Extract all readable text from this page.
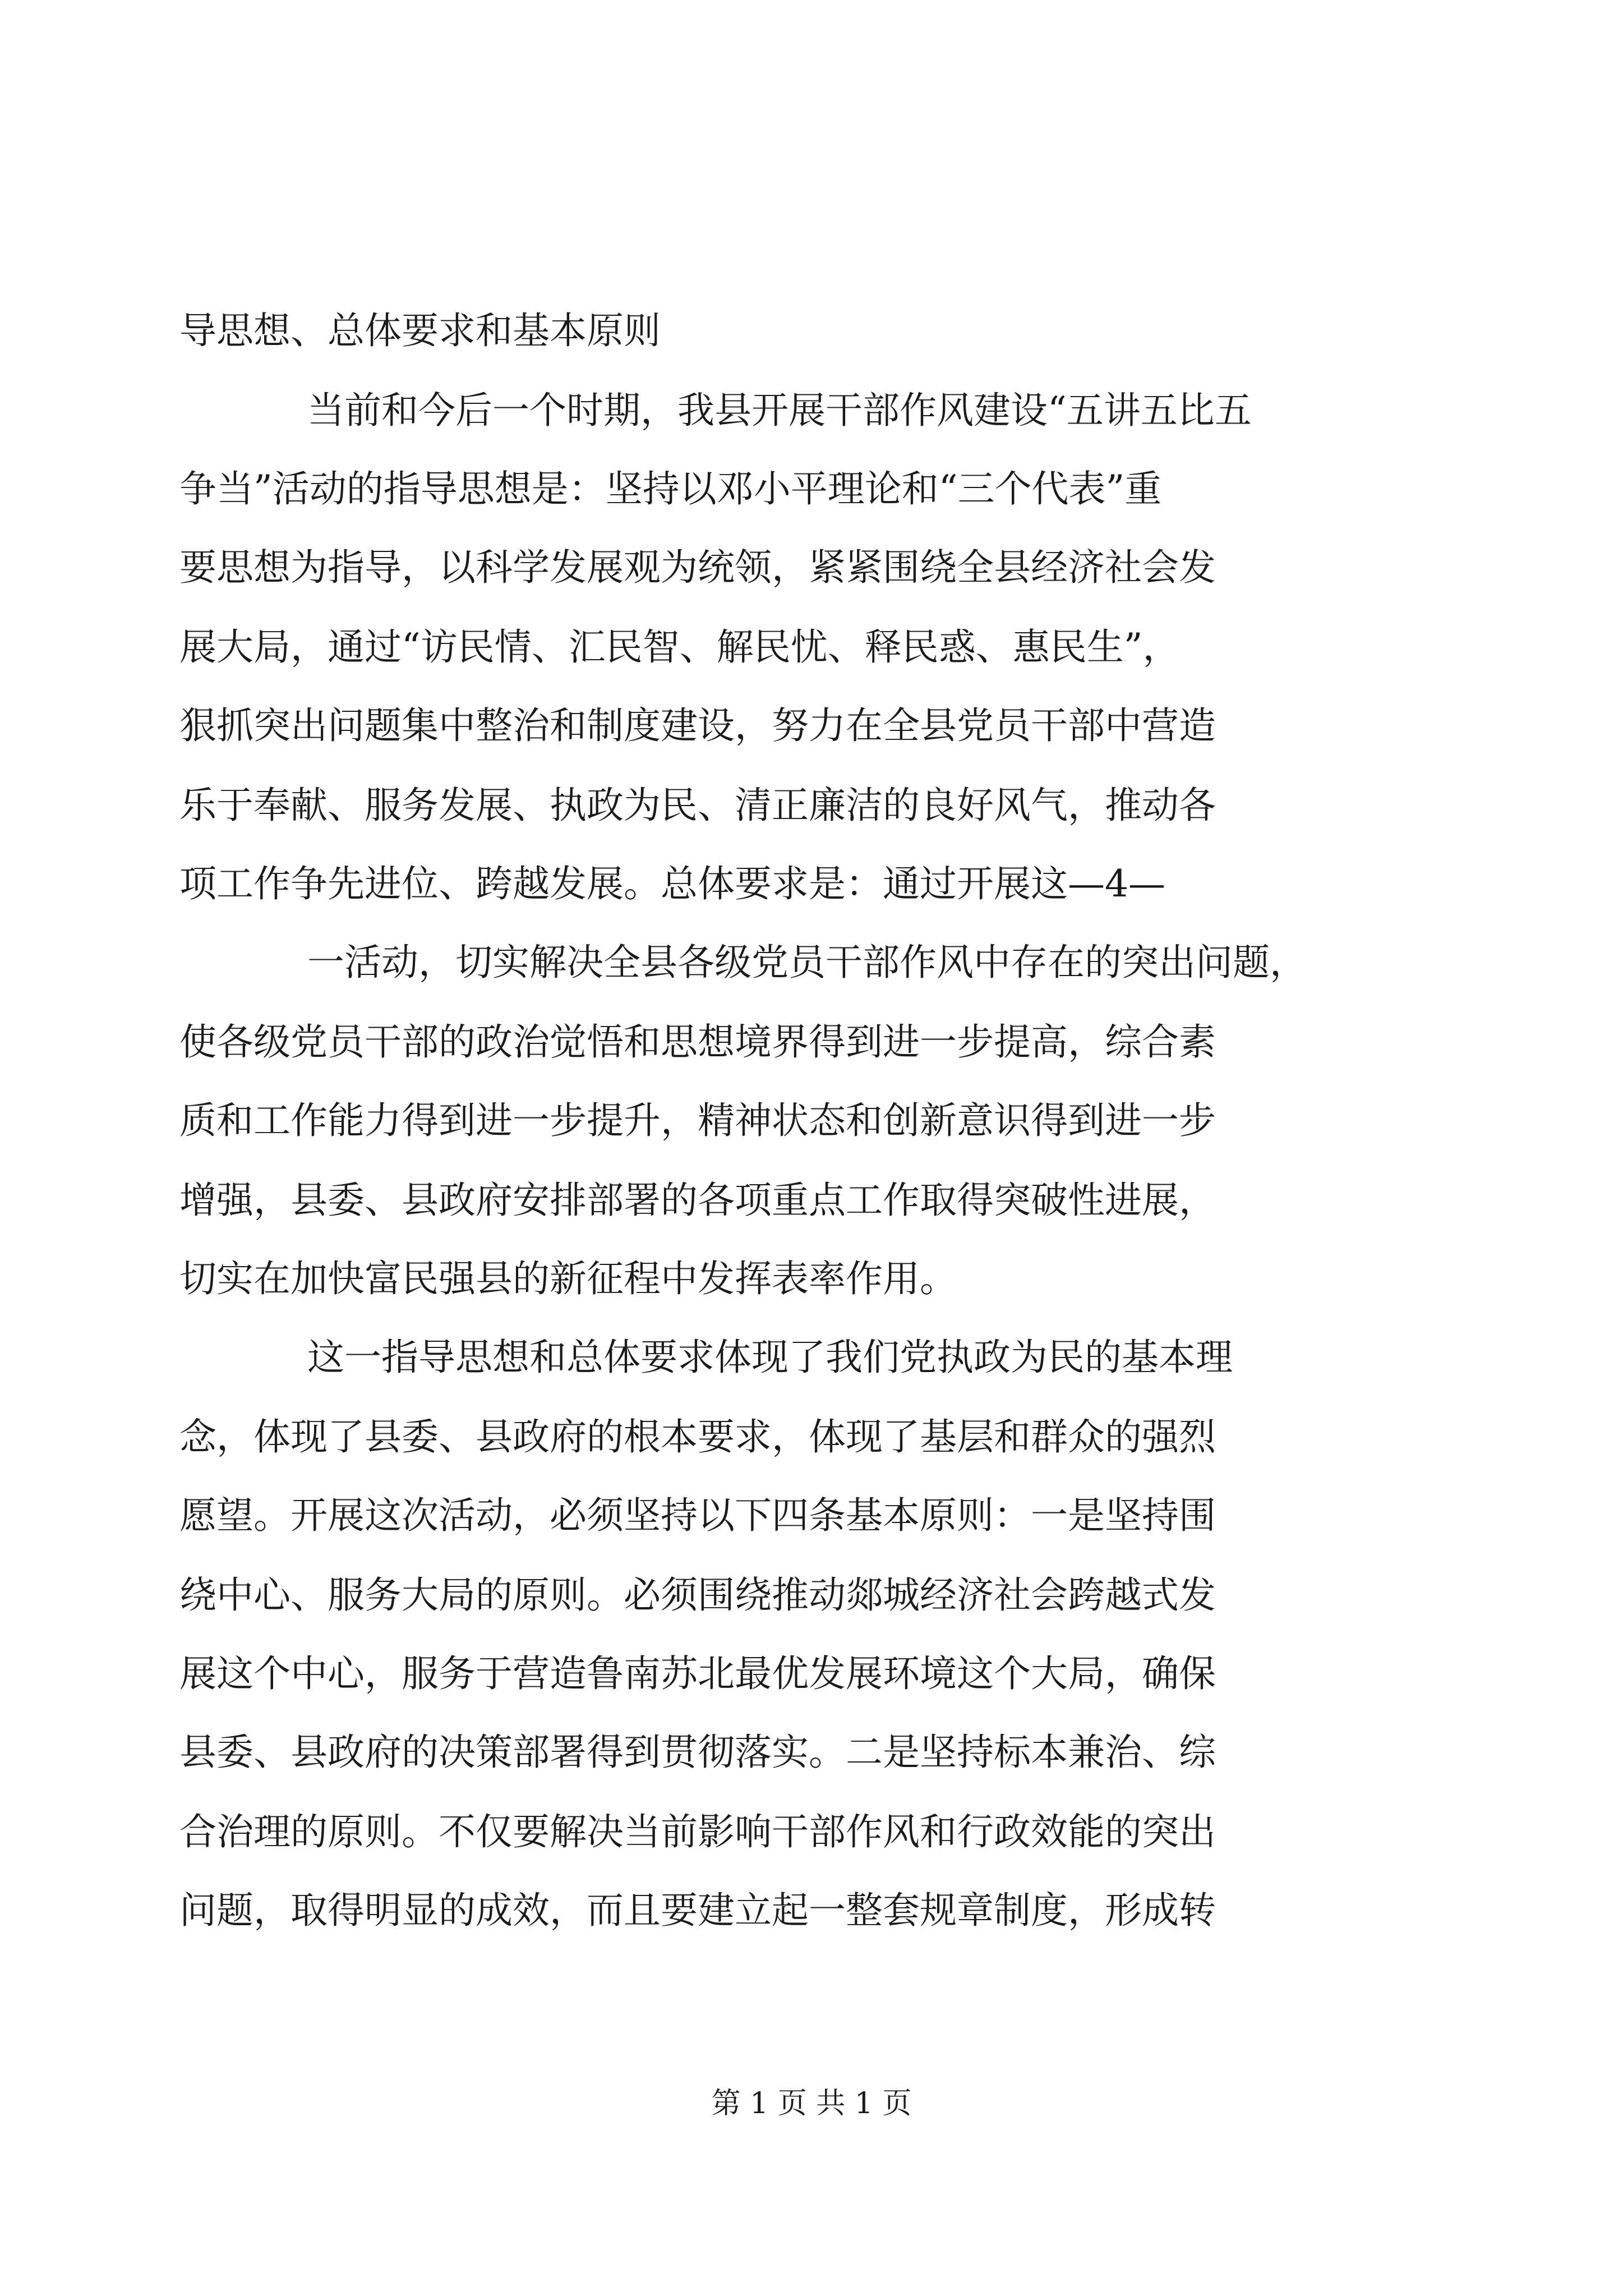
导思想、总体要求和基本原则
当前和今后一个时期，我县开展干部作风建设“五讲五比五
争当”活动的指导思想是：坚持以邓小平理论和“三个代表”重
要思想为指导，以科学发展观为统领，紧紧围绕全县经济社会发
展大局，通过“访民情、汇民智、解民忧、释民惑、惠民生”，
狠抓突出问题集中整治和制度建设，努力在全县党员干部中营造
乐于奉献、服务发展、执政为民、清正廉洁的良好风气，推动各
项工作争先进位、跨越发展。总体要求是：通过开展这—4—
一活动，切实解决全县各级党员干部作风中存在的突出问题，
使各级党员干部的政治觉悟和思想境界得到进一步提高，综合素
质和工作能力得到进一步提升，精神状态和创新意识得到进一步
增强，县委、县政府安排部署的各项重点工作取得突破性进展，
切实在加快富民强县的新征程中发挥表率作用。
这一指导思想和总体要求体现了我们党执政为民的基本理
念，体现了县委、县政府的根本要求，体现了基层和群众的强烈
愿望。开展这次活动，必须坚持以下四条基本原则：一是坚持围
绕中心、服务大局的原则。必须围绕推动郯城经济社会跨越式发
展这个中心，服务于营造鲁南苏北最优发展环境这个大局，确保
县委、县政府的决策部署得到贯彻落实。二是坚持标本兼治、综
合治理的原则。不仅要解决当前影响干部作风和行政效能的突出
问题，取得明显的成效，而且要建立起一整套规章制度，形成转
第 1 页 共 1 页
